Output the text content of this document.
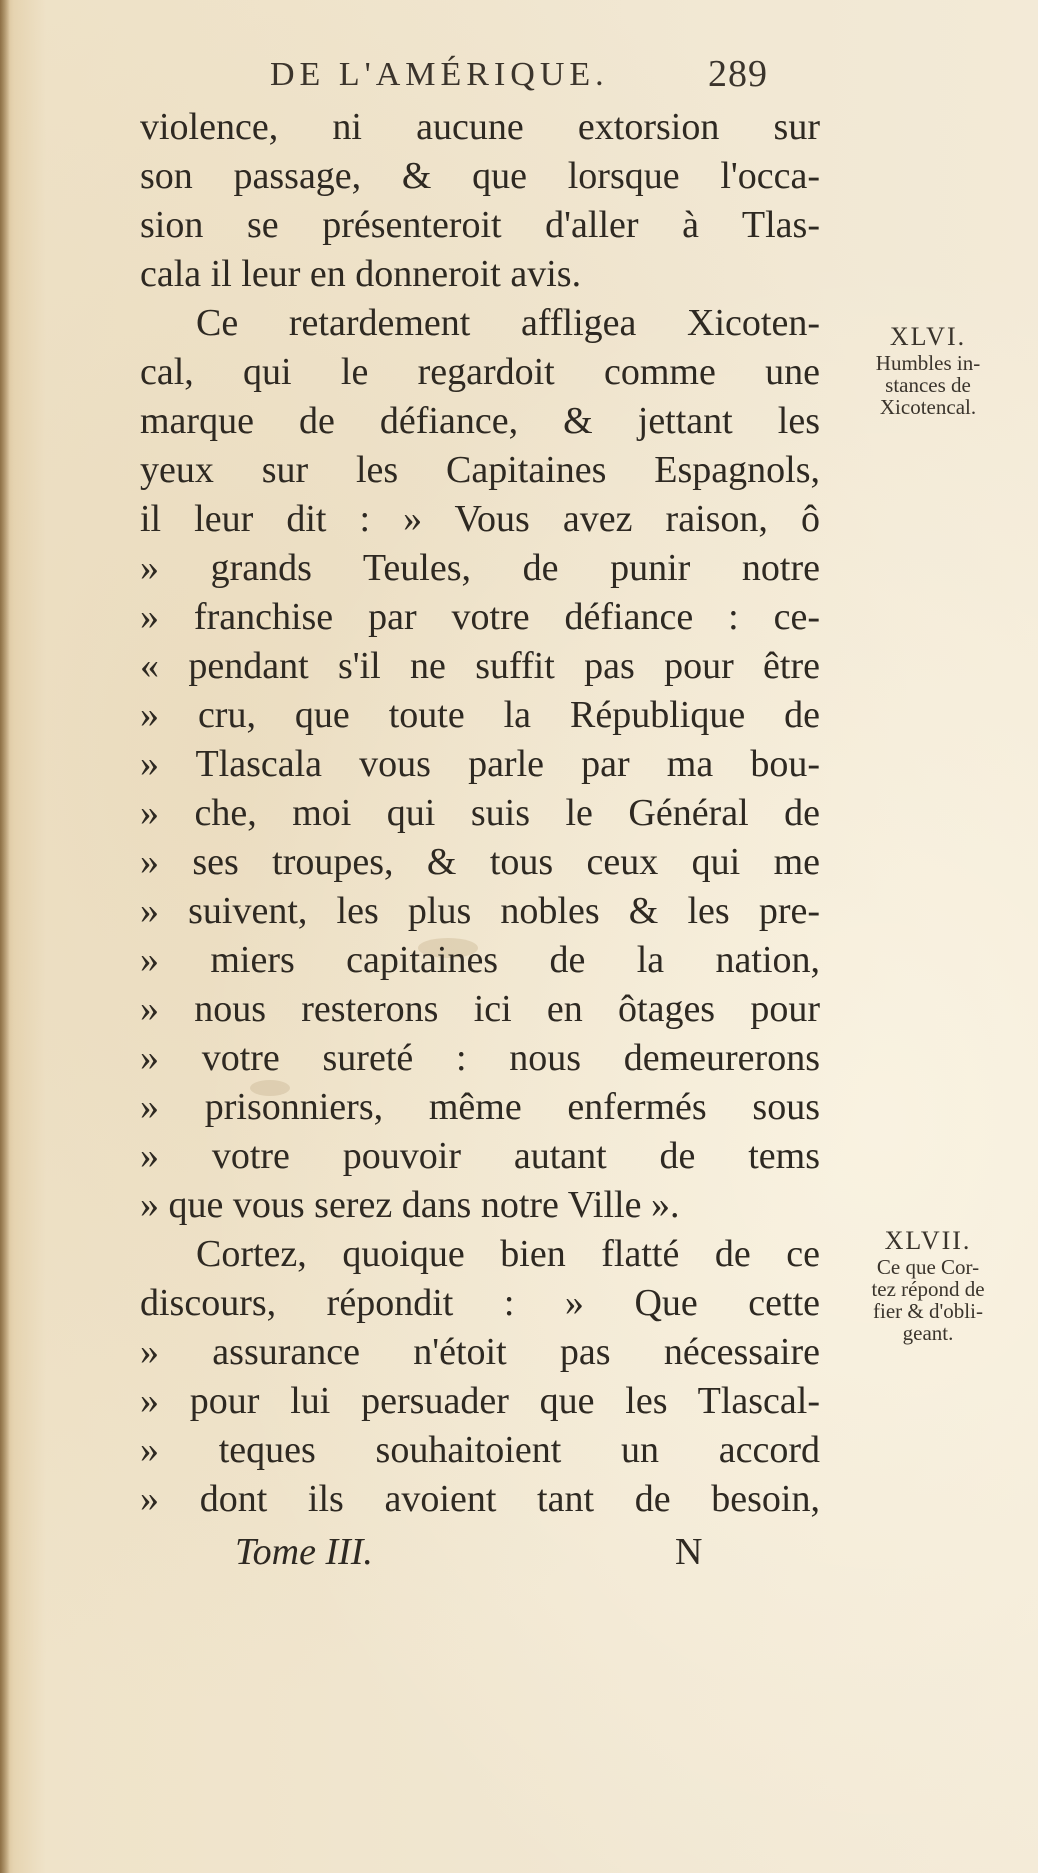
DE L'AMÉRIQUE.	289
violence, ni aucune extorsion sur
son passage, & que lorsque l'occa-
sion se présenteroit d'aller à Tlas-
cala il leur en donneroit avis.
Ce retardement affligea Xicoten-
cal, qui le regardoit comme une
marque de défiance, & jettant les
yeux sur les Capitaines Espagnols,
il leur dit : » Vous avez raison, ô
» grands Teules, de punir notre
» franchise par votre défiance : ce-
« pendant s'il ne suffit pas pour être
» cru, que toute la République de
» Tlascala vous parle par ma bou-
» che, moi qui suis le Général de
» ses troupes, & tous ceux qui me
» suivent, les plus nobles & les pre-
» miers capitaines de la nation,
» nous resterons ici en ôtages pour
» votre sureté : nous demeurerons
» prisonniers, même enfermés sous
» votre pouvoir autant de tems
» que vous serez dans notre Ville ».
Cortez, quoique bien flatté de ce
discours, répondit : » Que cette
» assurance n'étoit pas nécessaire
» pour lui persuader que les Tlascal-
» teques souhaitoient un accord
» dont ils avoient tant de besoin,
XLVI.
Humbles in-
stances de
Xicotencal.
XLVII.
Ce que Cor-
tez répond de
fier & d'obli-
geant.
Tome III.	N
